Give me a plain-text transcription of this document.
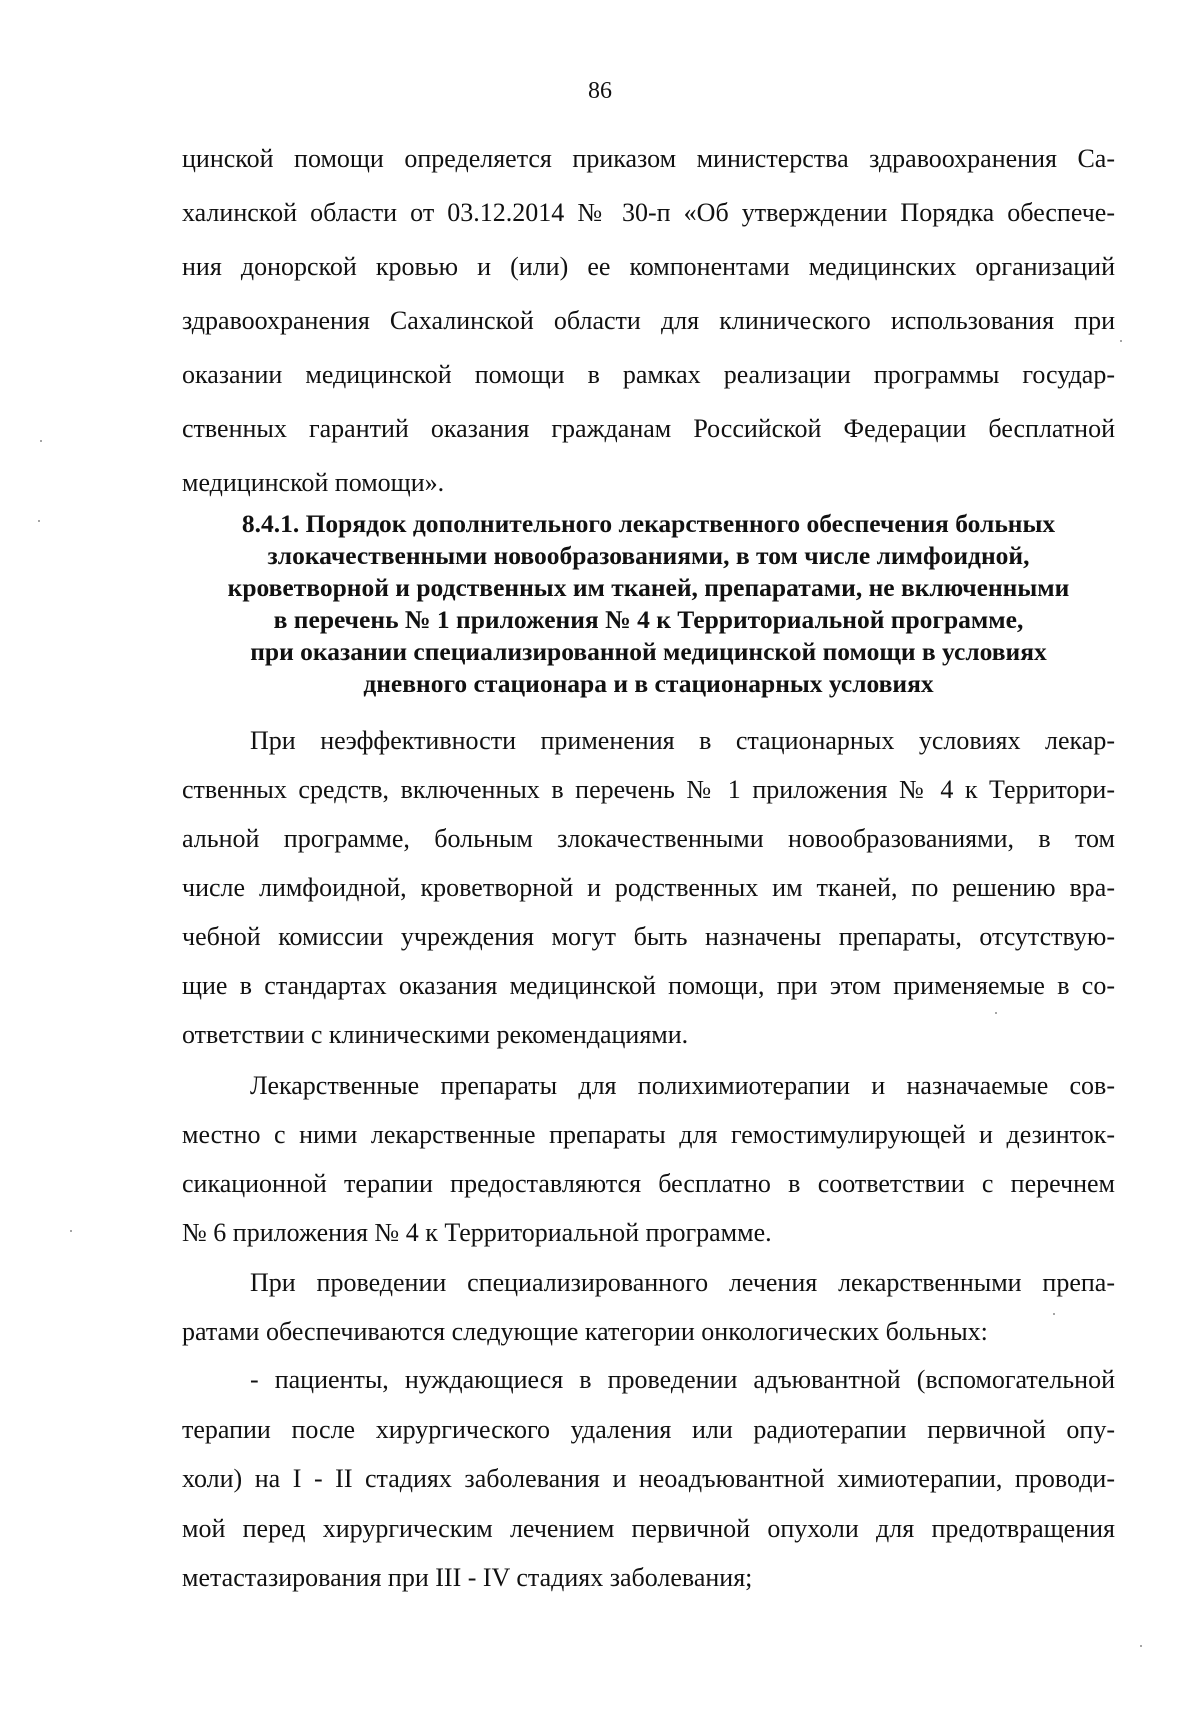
86
цинской помощи определяется приказом министерства здравоохранения Са-
халинской области от 03.12.2014 № 30-п «Об утверждении Порядка обеспече-
ния донорской кровью и (или) ее компонентами медицинских организаций
здравоохранения Сахалинской области для клинического использования при
оказании медицинской помощи в рамках реализации программы государ-
ственных гарантий оказания гражданам Российской Федерации бесплатной
медицинской помощи».
8.4.1. Порядок дополнительного лекарственного обеспечения больных
злокачественными новообразованиями, в том числе лимфоидной,
кроветворной и родственных им тканей, препаратами, не включенными
в перечень № 1 приложения № 4 к Территориальной программе,
при оказании специализированной медицинской помощи в условиях
дневного стационара и в стационарных условиях
При неэффективности применения в стационарных условиях лекар-
ственных средств, включенных в перечень № 1 приложения № 4 к Территори-
альной программе, больным злокачественными новообразованиями, в том
числе лимфоидной, кроветворной и родственных им тканей, по решению вра-
чебной комиссии учреждения могут быть назначены препараты, отсутствую-
щие в стандартах оказания медицинской помощи, при этом применяемые в со-
ответствии с клиническими рекомендациями.
Лекарственные препараты для полихимиотерапии и назначаемые сов-
местно с ними лекарственные препараты для гемостимулирующей и дезинток-
сикационной терапии предоставляются бесплатно в соответствии с перечнем
№ 6 приложения № 4 к Территориальной программе.
При проведении специализированного лечения лекарственными препа-
ратами обеспечиваются следующие категории онкологических больных:
- пациенты, нуждающиеся в проведении адъювантной (вспомогательной
терапии после хирургического удаления или радиотерапии первичной опу-
холи) на I - II стадиях заболевания и неоадъювантной химиотерапии, проводи-
мой перед хирургическим лечением первичной опухоли для предотвращения
метастазирования при III - IV стадиях заболевания;
